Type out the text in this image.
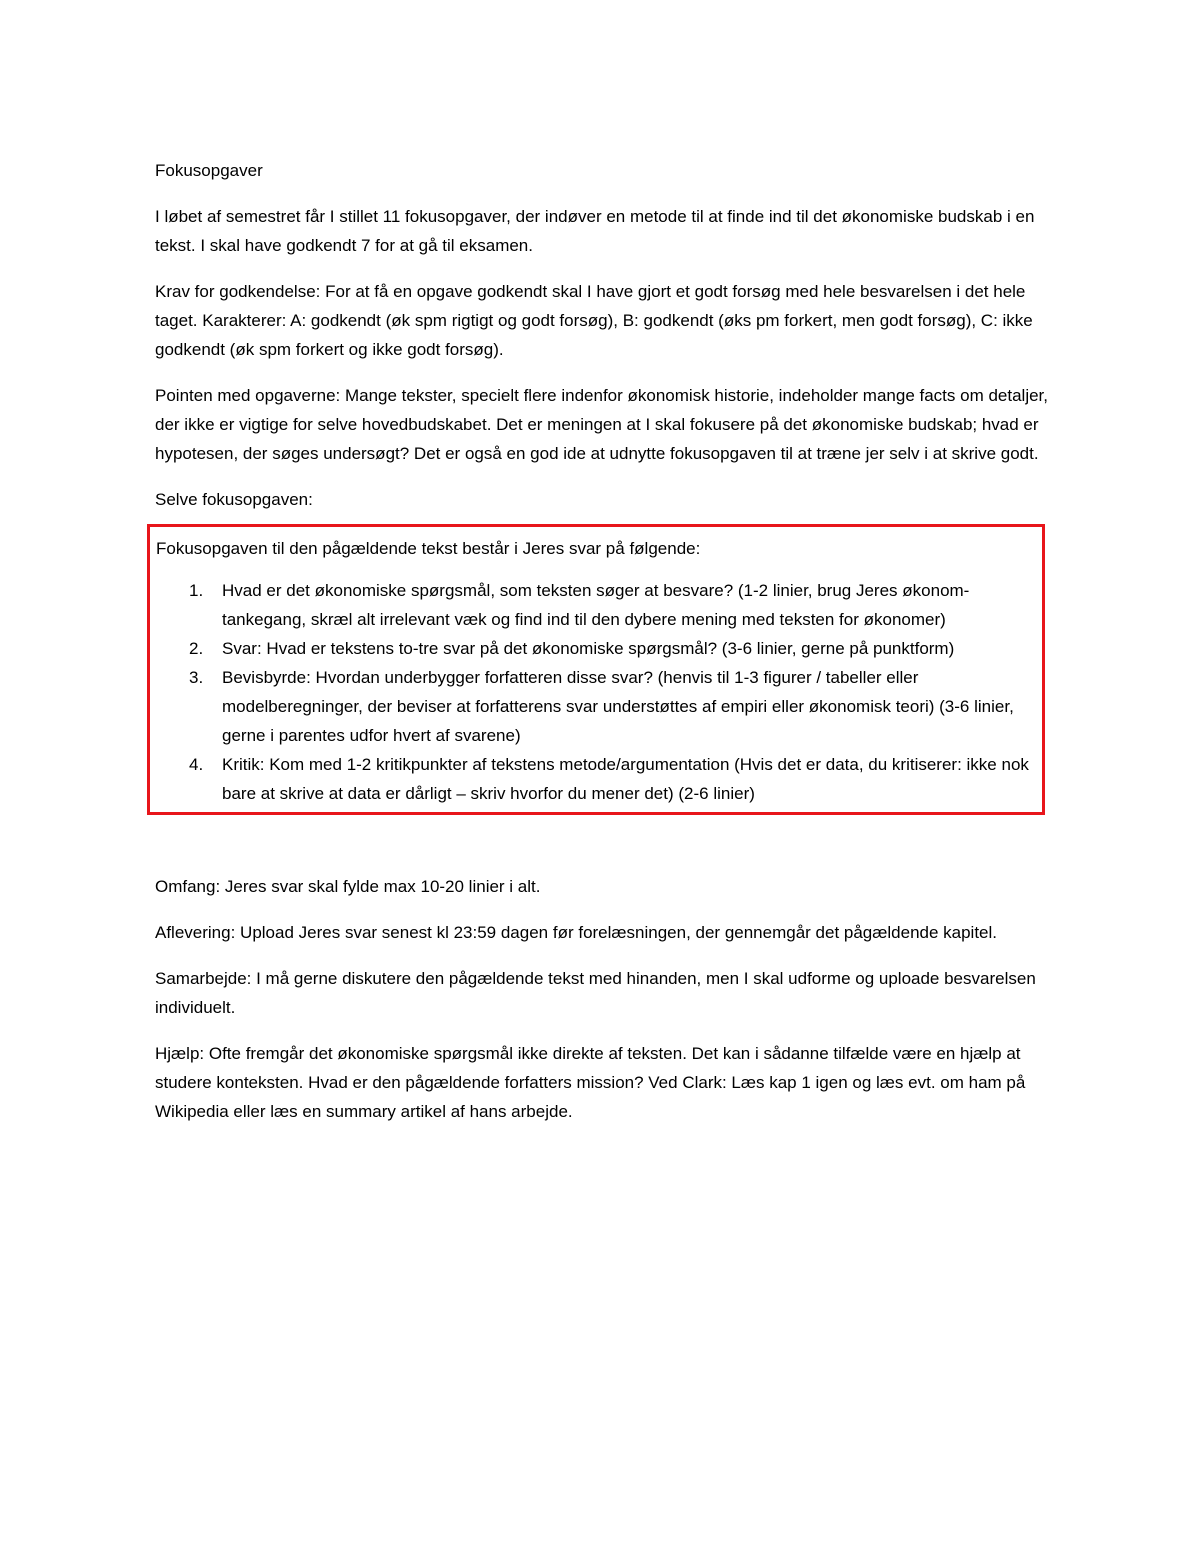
Fokusopgaver

I løbet af semestret får I stillet 11 fokusopgaver, der indøver en metode til at finde ind til det økonomiske budskab i en tekst. I skal have godkendt 7 for at gå til eksamen.

Krav for godkendelse: For at få en opgave godkendt skal I have gjort et godt forsøg med hele besvarelsen i det hele taget. Karakterer: A: godkendt (øk spm rigtigt og godt forsøg), B: godkendt (øks pm forkert, men godt forsøg), C: ikke godkendt (øk spm forkert og ikke godt forsøg).

Pointen med opgaverne: Mange tekster, specielt flere indenfor økonomisk historie, indeholder mange facts om detaljer, der ikke er vigtige for selve hovedbudskabet. Det er meningen at I skal fokusere på det økonomiske budskab; hvad er hypotesen, der søges undersøgt? Det er også en god ide at udnytte fokusopgaven til at træne jer selv i at skrive godt.

Selve fokusopgaven:

Fokusopgaven til den pågældende tekst består i Jeres svar på følgende:
1. Hvad er det økonomiske spørgsmål, som teksten søger at besvare? (1-2 linier, brug Jeres økonom-tankegang, skræl alt irrelevant væk og find ind til den dybere mening med teksten for økonomer)
2. Svar: Hvad er tekstens to-tre svar på det økonomiske spørgsmål? (3-6 linier, gerne på punktform)
3. Bevisbyrde: Hvordan underbygger forfatteren disse svar? (henvis til 1-3 figurer / tabeller eller modelberegninger, der beviser at forfatterens svar understøttes af empiri eller økonomisk teori) (3-6 linier, gerne i parentes udfor hvert af svarene)
4. Kritik: Kom med 1-2 kritikpunkter af tekstens metode/argumentation (Hvis det er data, du kritiserer: ikke nok bare at skrive at data er dårligt – skriv hvorfor du mener det) (2-6 linier)

Omfang: Jeres svar skal fylde max 10-20 linier i alt.

Aflevering: Upload Jeres svar senest kl 23:59 dagen før forelæsningen, der gennemgår det pågældende kapitel.

Samarbejde: I må gerne diskutere den pågældende tekst med hinanden, men I skal udforme og uploade besvarelsen individuelt.

Hjælp: Ofte fremgår det økonomiske spørgsmål ikke direkte af teksten. Det kan i sådanne tilfælde være en hjælp at studere konteksten. Hvad er den pågældende forfatters mission? Ved Clark: Læs kap 1 igen og læs evt. om ham på Wikipedia eller læs en summary artikel af hans arbejde.
